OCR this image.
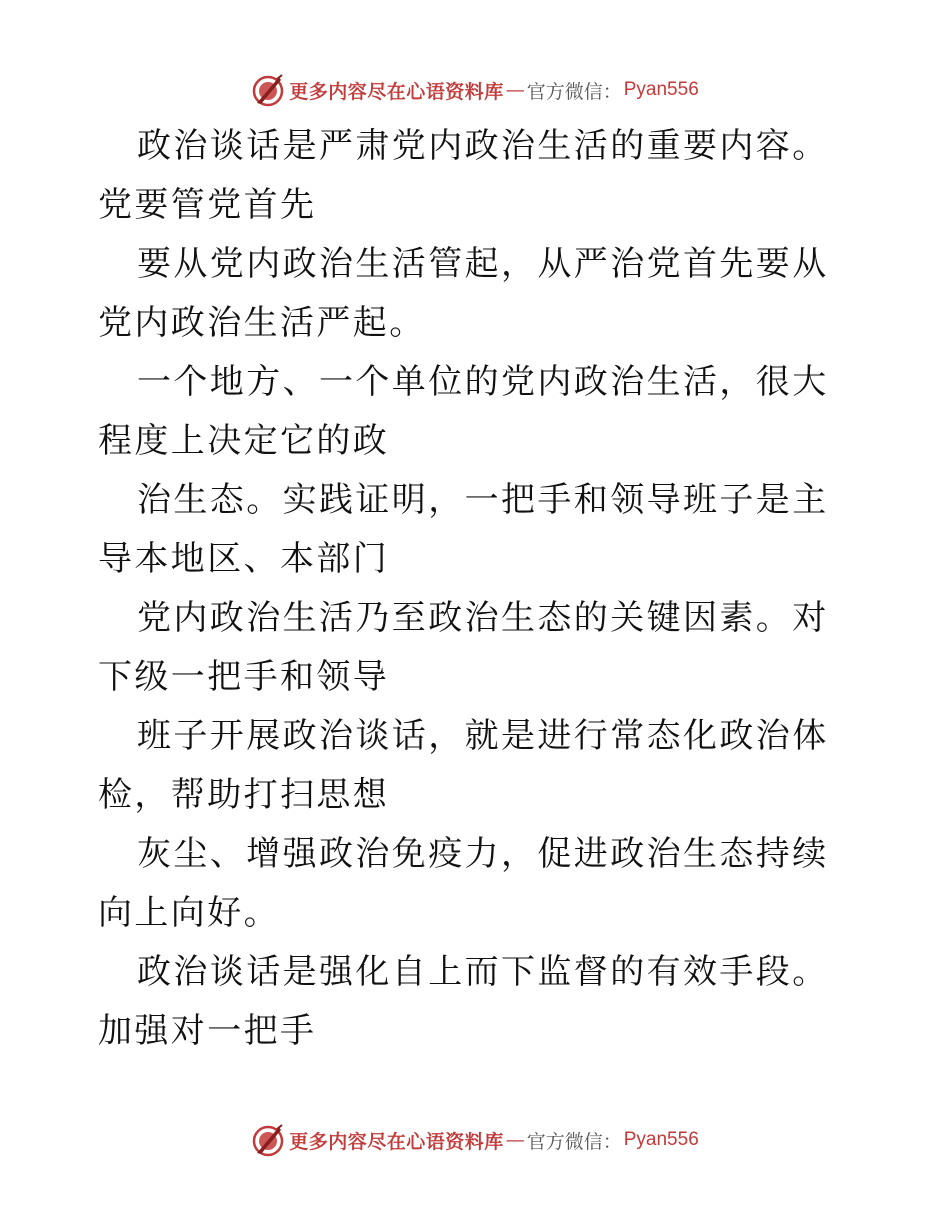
更多内容尽在心语资料库 — 官方微信： Pyan556

政治谈话是严肃党内政治生活的重要内容。党要管党首先

要从党内政治生活管起，从严治党首先要从党内政治生活严起。

一个地方、一个单位的党内政治生活，很大程度上决定它的政

治生态。实践证明，一把手和领导班子是主导本地区、本部门

党内政治生活乃至政治生态的关键因素。对下级一把手和领导

班子开展政治谈话，就是进行常态化政治体检，帮助打扫思想

灰尘、增强政治免疫力，促进政治生态持续向上向好。

政治谈话是强化自上而下监督的有效手段。加强对一把手

更多内容尽在心语资料库 — 官方微信： Pyan556
